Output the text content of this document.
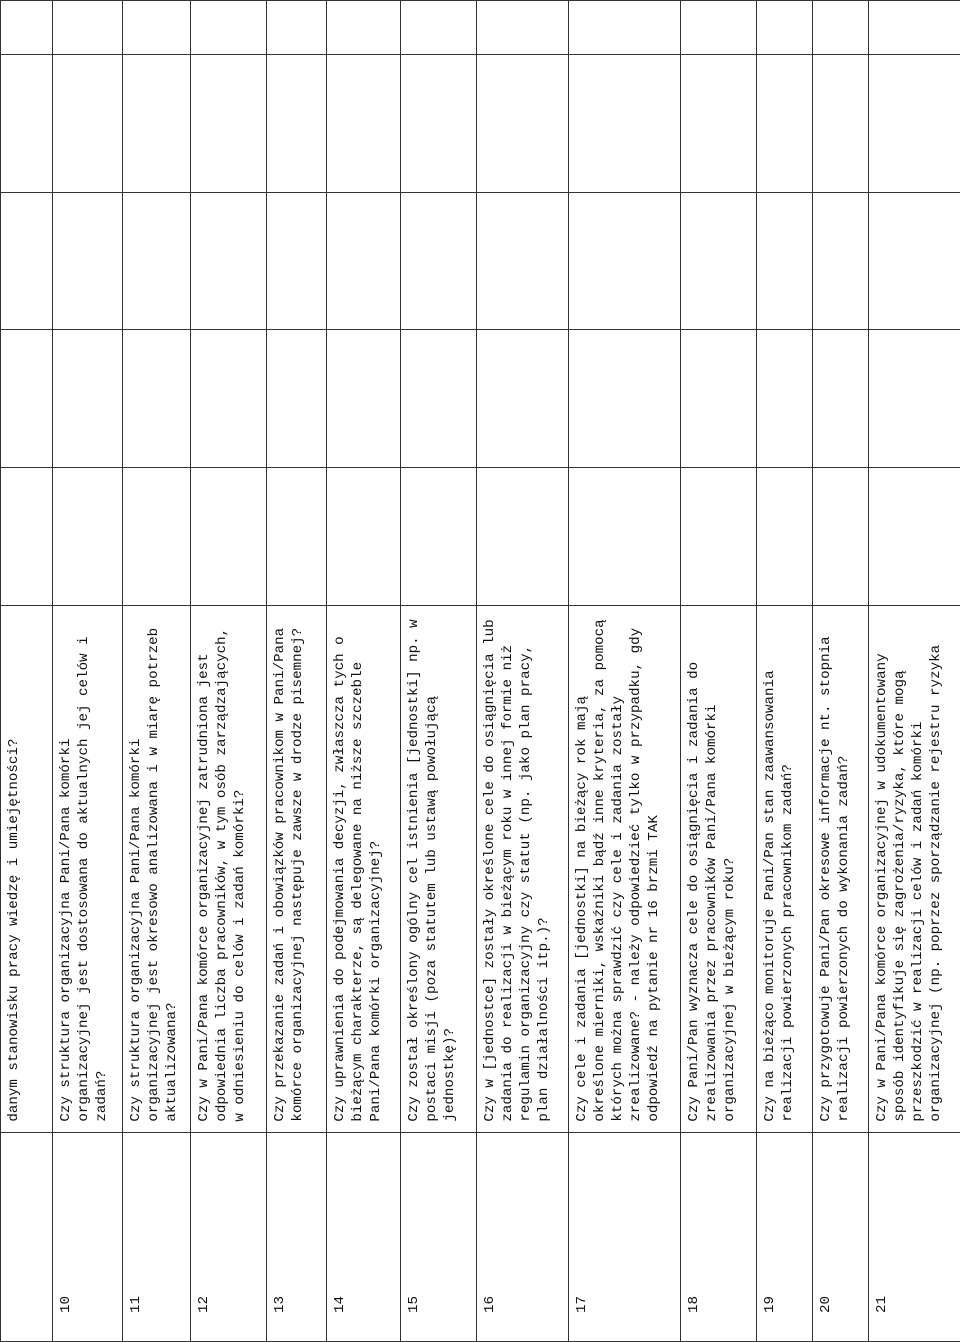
	danym stanowisku pracy wiedzę i umiejętności?					
10	Czy struktura organizacyjna Pani/Pana komórki
organizacyjnej jest dostosowana do aktualnych jej celów i
zadań?					
11	Czy struktura organizacyjna Pani/Pana komórki
organizacyjnej jest okresowo analizowana i w miarę potrzeb
aktualizowana?					
12	Czy w Pani/Pana komórce organizacyjnej zatrudniona jest
odpowiednia liczba pracowników, w tym osób zarządzających,
w odniesieniu do celów i zadań komórki?					
13	Czy przekazanie zadań i obowiązków pracownikom w Pani/Pana
komórce organizacyjnej następuje zawsze w drodze pisemnej?					
14	Czy uprawnienia do podejmowania decyzji, zwłaszcza tych o
bieżącym charakterze, są delegowane na niższe szczeble
Pani/Pana komórki organizacyjnej?					
15	Czy został określony ogólny cel istnienia [jednostki] np. w
postaci misji (poza statutem lub ustawą powołującą
jednostkę)?					
16	Czy w [jednostce] zostały określone cele do osiągnięcia lub
zadania do realizacji w bieżącym roku w innej formie niż
regulamin organizacyjny czy statut (np. jako plan pracy,
plan działalności itp.)?					
17	Czy cele i zadania [jednostki] na bieżący rok mają
określone mierniki, wskaźniki bądź inne kryteria, za pomocą
których można sprawdzić czy cele i zadania zostały
zrealizowane? - należy odpowiedzieć tylko w przypadku, gdy
odpowiedź na pytanie nr 16 brzmi TAK					
18	Czy Pani/Pan wyznacza cele do osiągnięcia i zadania do
zrealizowania przez pracowników Pani/Pana komórki
organizacyjnej w bieżącym roku?					
19	Czy na bieżąco monitoruje Pani/Pan stan zaawansowania
realizacji powierzonych pracownikom zadań?					
20	Czy przygotowuje Pani/Pan okresowe informacje nt. stopnia
realizacji powierzonych do wykonania zadań?					
21	Czy w Pani/Pana komórce organizacyjnej w udokumentowany
sposób identyfikuje się zagrożenia/ryzyka, które mogą
przeszkodzić w realizacji celów i zadań komórki
organizacyjnej (np. poprzez sporządzanie rejestru ryzyka					
